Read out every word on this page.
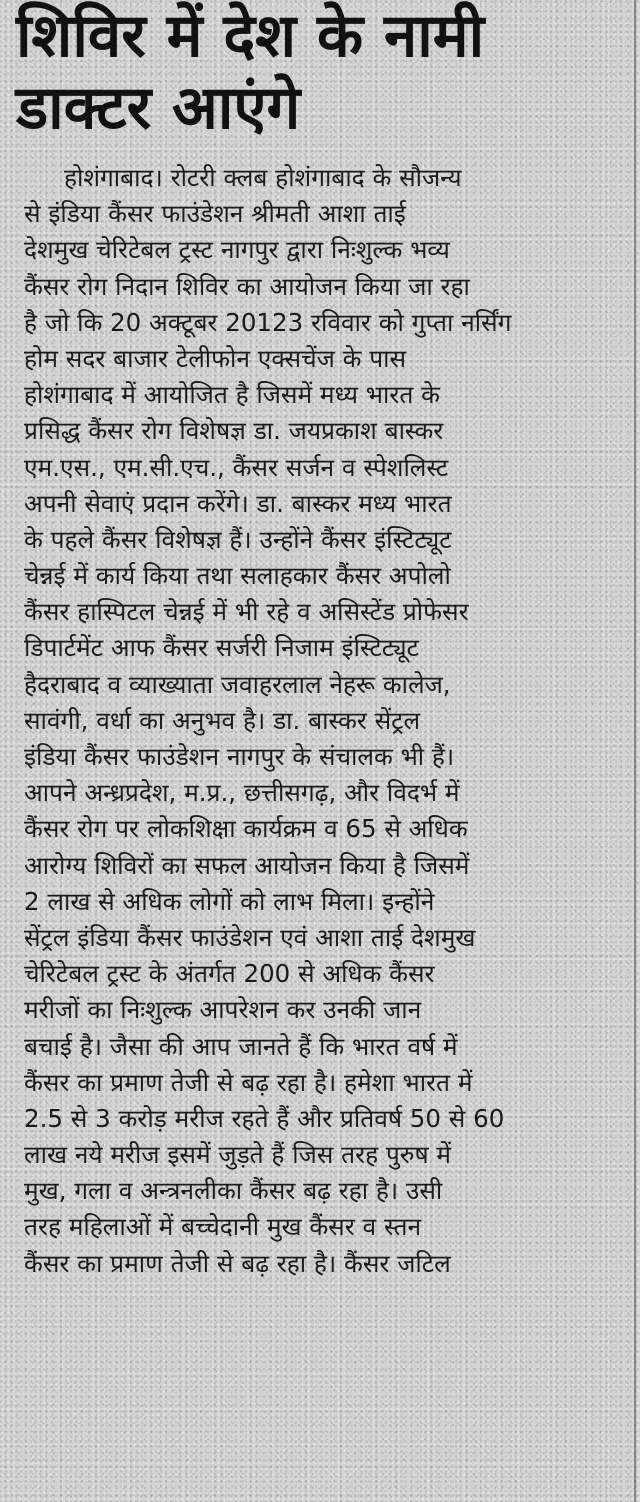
शिविर में देश के नामी
डाक्टर आएंगे
होशंगाबाद। रोटरी क्लब होशंगाबाद के सौजन्य
से इंडिया कैंसर फाउंडेशन श्रीमती आशा ताई
देशमुख चेरिटेबल ट्रस्ट नागपुर द्वारा निःशुल्क भव्य
कैंसर रोग निदान शिविर का आयोजन किया जा रहा
है जो कि 20 अक्टूबर 20123 रविवार को गुप्ता नर्सिंग
होम सदर बाजार टेलीफोन एक्सचेंज के पास
होशंगाबाद में आयोजित है जिसमें मध्य भारत के
प्रसिद्ध कैंसर रोग विशेषज्ञ डा. जयप्रकाश बास्कर
एम.एस., एम.सी.एच., कैंसर सर्जन व स्पेशलिस्ट
अपनी सेवाएं प्रदान करेंगे। डा. बास्कर मध्य भारत
के पहले कैंसर विशेषज्ञ हैं। उन्होंने कैंसर इंस्टिट्यूट
चेन्नई में कार्य किया तथा सलाहकार कैंसर अपोलो
कैंसर हास्पिटल चेन्नई में भी रहे व असिस्टेंड प्रोफेसर
डिपार्टमेंट आफ कैंसर सर्जरी निजाम इंस्टिट्यूट
हैदराबाद व व्याख्याता जवाहरलाल नेहरू कालेज,
सावंगी, वर्धा का अनुभव है। डा. बास्कर सेंट्रल
इंडिया कैंसर फाउंडेशन नागपुर के संचालक भी हैं।
आपने अन्ध्रप्रदेश, म.प्र., छत्तीसगढ़, और विदर्भ में
कैंसर रोग पर लोकशिक्षा कार्यक्रम व 65 से अधिक
आरोग्य शिविरों का सफल आयोजन किया है जिसमें
2 लाख से अधिक लोगों को लाभ मिला। इन्होंने
सेंट्रल इंडिया कैंसर फाउंडेशन एवं आशा ताई देशमुख
चेरिटेबल ट्रस्ट के अंतर्गत 200 से अधिक कैंसर
मरीजों का निःशुल्क आपरेशन कर उनकी जान
बचाई है। जैसा की आप जानते हैं कि भारत वर्ष में
कैंसर का प्रमाण तेजी से बढ़ रहा है। हमेशा भारत में
2.5 से 3 करोड़ मरीज रहते हैं और प्रतिवर्ष 50 से 60
लाख नये मरीज इसमें जुड़ते हैं जिस तरह पुरुष में
मुख, गला व अन्त्रनलीका कैंसर बढ़ रहा है। उसी
तरह महिलाओं में बच्चेदानी मुख कैंसर व स्तन
कैंसर का प्रमाण तेजी से बढ़ रहा है। कैंसर जटिल
